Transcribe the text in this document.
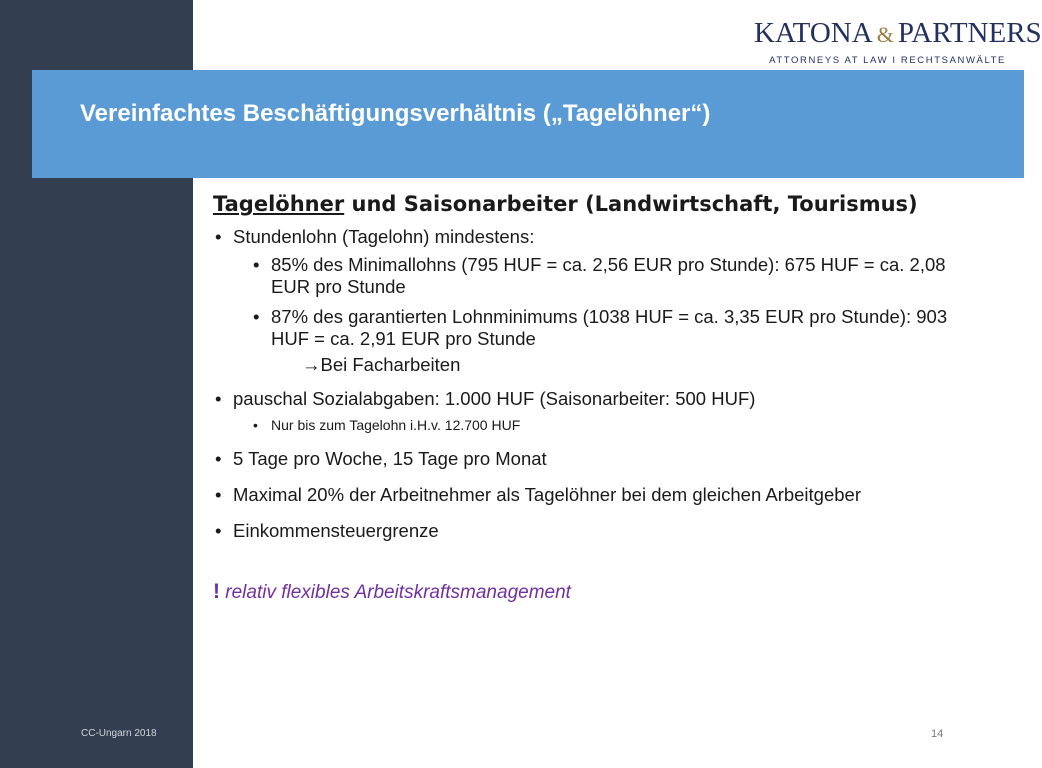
KATONA & PARTNERS
ATTORNEYS AT LAW I RECHTSANWÄLTE
Vereinfachtes Beschäftigungsverhältnis („Tagelöhner“)
Tagelöhner und Saisonarbeiter (Landwirtschaft, Tourismus)

• Stundenlohn (Tagelohn) mindestens:

• 85% des Minimallohns (795 HUF = ca. 2,56 EUR pro Stunde): 675 HUF = ca. 2,08 EUR pro Stunde

• 87% des garantierten Lohnminimums (1038 HUF = ca. 3,35 EUR pro Stunde): 903 HUF = ca. 2,91 EUR pro Stunde

→Bei Facharbeiten

• pauschal Sozialabgaben: 1.000 HUF (Saisonarbeiter: 500 HUF)

• Nur bis zum Tagelohn i.H.v. 12.700 HUF

• 5 Tage pro Woche, 15 Tage pro Monat

• Maximal 20% der Arbeitnehmer als Tagelöhner bei dem gleichen Arbeitgeber

• Einkommensteuergrenze

! relativ flexibles Arbeitskraftsmanagement

CC-Ungarn 2018	14
